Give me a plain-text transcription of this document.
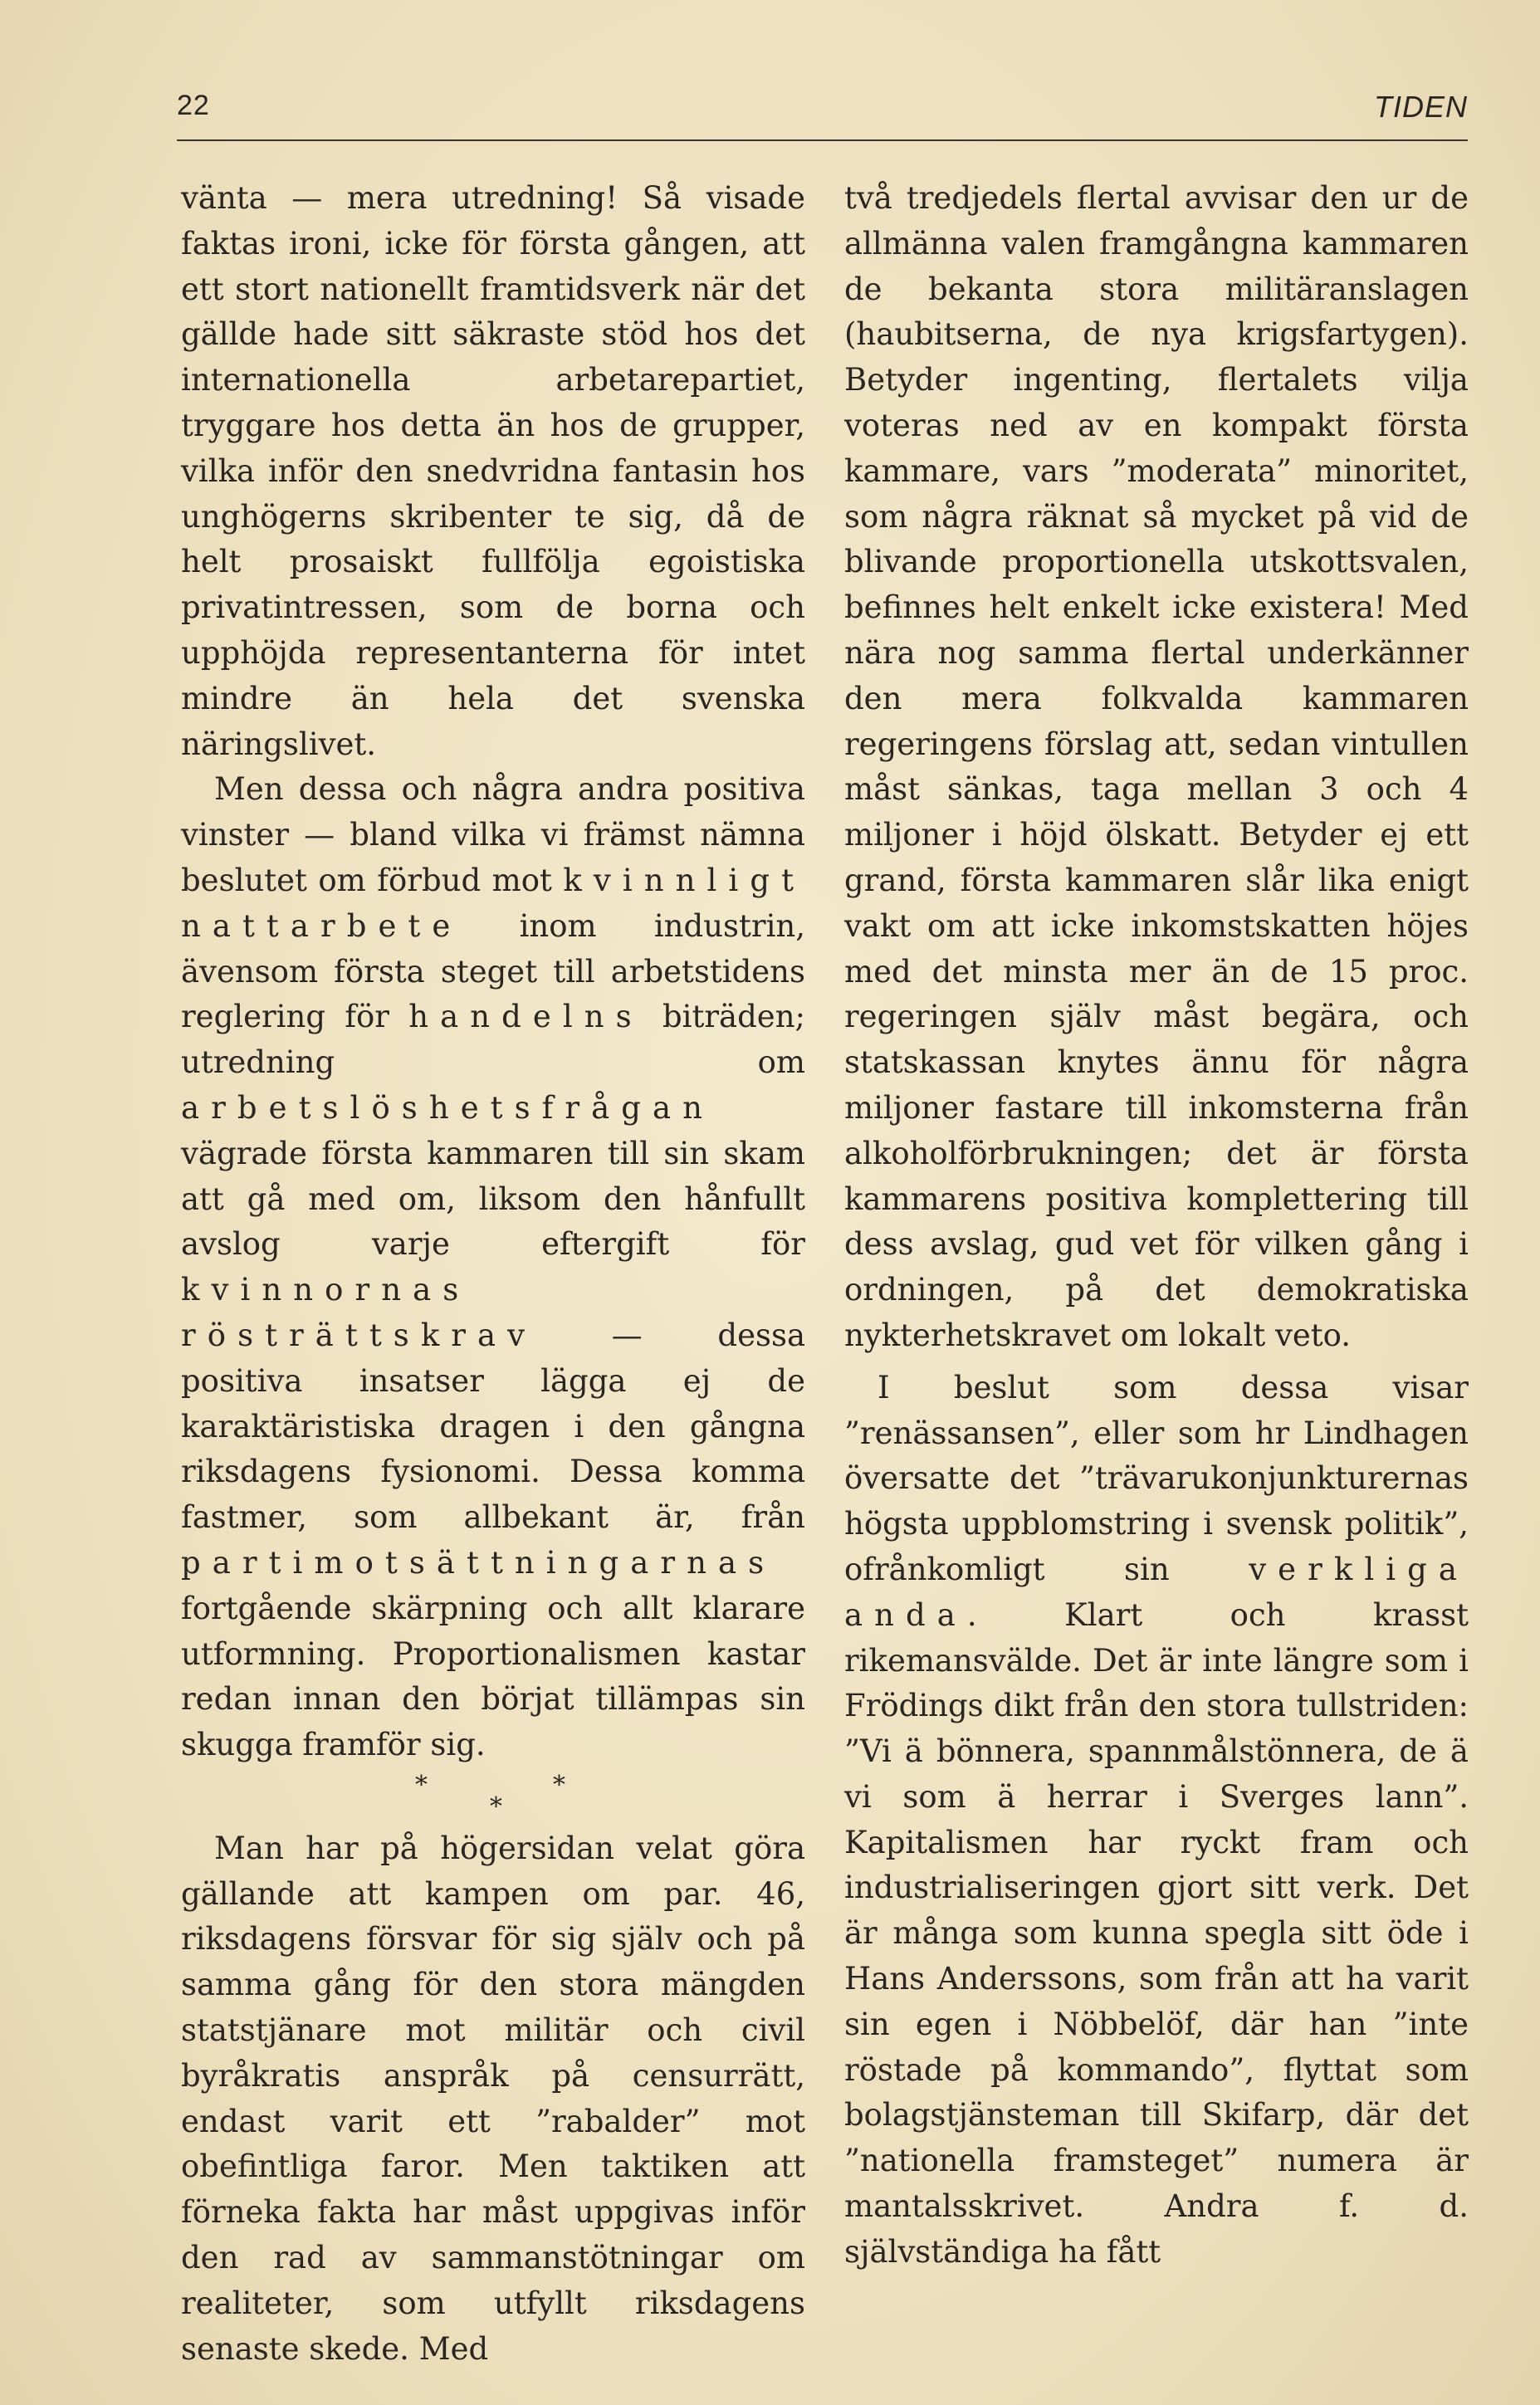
22	TIDEN

vänta — mera utredning! Så visade faktas ironi, icke för första gången, att ett stort nationellt framtidsverk när det gällde hade sitt säkraste stöd hos det internationella arbetarepartiet, tryggare hos detta än hos de grupper, vilka inför den snedvridna fantasin hos unghögerns skribenter te sig, då de helt prosaiskt fullfölja egoistiska privatintressen, som de borna och upphöjda representanterna för intet mindre än hela det svenska näringslivet.

Men dessa och några andra positiva vinster — bland vilka vi främst nämna beslutet om förbud mot kvinnligt nattarbete inom industrin, ävensom första steget till arbetstidens reglering för handelns biträden; utredning om arbetslöshetsfrågan vägrade första kammaren till sin skam att gå med om, liksom den hånfullt avslog varje eftergift för kvinnornas rösträttskrav — dessa positiva insatser lägga ej de karaktäristiska dragen i den gångna riksdagens fysionomi. Dessa komma fastmer, som allbekant är, från partimotsättningarnas fortgående skärpning och allt klarare utformning. Proportionalismen kastar redan innan den börjat tillämpas sin skugga framför sig.

*
*
*

Man har på högersidan velat göra gällande att kampen om par. 46, riksdagens försvar för sig själv och på samma gång för den stora mängden statstjänare mot militär och civil byråkratis anspråk på censurrätt, endast varit ett ”rabalder” mot obefintliga faror. Men taktiken att förneka fakta har måst uppgivas inför den rad av sammanstötningar om realiteter, som utfyllt riksdagens senaste skede. Med

två tredjedels flertal avvisar den ur de allmänna valen framgångna kammaren de bekanta stora militäranslagen (haubitserna, de nya krigsfartygen). Betyder ingenting, flertalets vilja voteras ned av en kompakt första kammare, vars ”moderata” minoritet, som några räknat så mycket på vid de blivande proportionella utskottsvalen, befinnes helt enkelt icke existera! Med nära nog samma flertal underkänner den mera folkvalda kammaren regeringens förslag att, sedan vintullen måst sänkas, taga mellan 3 och 4 miljoner i höjd ölskatt. Betyder ej ett grand, första kammaren slår lika enigt vakt om att icke inkomstskatten höjes med det minsta mer än de 15 proc. regeringen själv måst begära, och statskassan knytes ännu för några miljoner fastare till inkomsterna från alkoholförbrukningen; det är första kammarens positiva komplettering till dess avslag, gud vet för vilken gång i ordningen, på det demokratiska nykterhetskravet om lokalt veto.

I beslut som dessa visar ”renässansen”, eller som hr Lindhagen översatte det ”trävarukonjunkturernas högsta uppblomstring i svensk politik”, ofrånkomligt sin verkliga anda. Klart och krasst rikemansvälde. Det är inte längre som i Frödings dikt från den stora tullstriden: ”Vi ä bönnera, spannmålstönnera, de ä vi som ä herrar i Sverges lann”. Kapitalismen har ryckt fram och industrialiseringen gjort sitt verk. Det är många som kunna spegla sitt öde i Hans Anderssons, som från att ha varit sin egen i Nöbbelöf, där han ”inte röstade på kommando”, flyttat som bolagstjänsteman till Skifarp, där det ”nationella framsteget” numera är mantalsskrivet. Andra f. d. självständiga ha fått
